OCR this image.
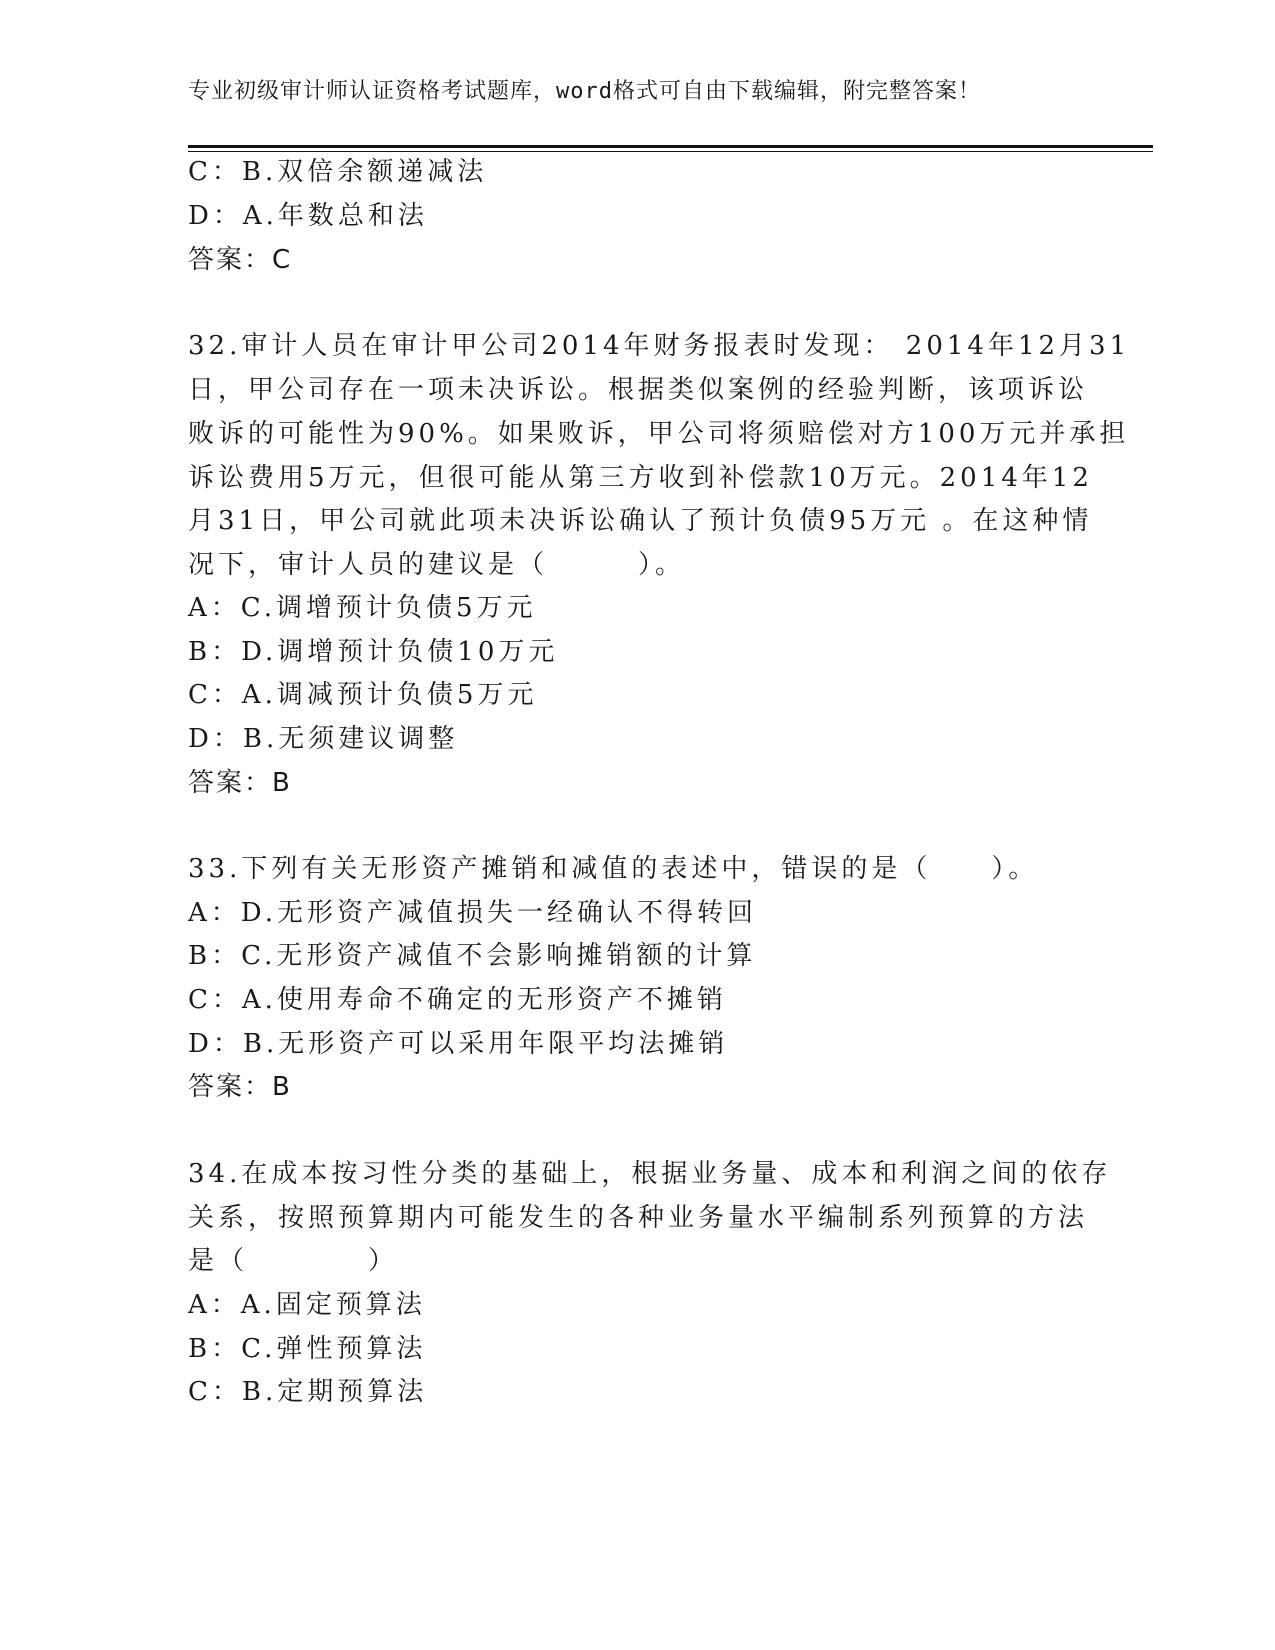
专业初级审计师认证资格考试题库，word格式可自由下载编辑，附完整答案！
C：B.双倍余额递减法
D：A.年数总和法
答案：C
32.审计人员在审计甲公司2014年财务报表时发现： 2014年12月31
日，甲公司存在一项未决诉讼。根据类似案例的经验判断，该项诉讼
败诉的可能性为90%。如果败诉，甲公司将须赔偿对方100万元并承担
诉讼费用5万元，但很可能从第三方收到补偿款10万元。2014年12
月31日，甲公司就此项未决诉讼确认了预计负债95万元 。在这种情
况下，审计人员的建议是（　　　）。
A：C.调增预计负债5万元
B：D.调增预计负债10万元
C：A.调减预计负债5万元
D：B.无须建议调整
答案：B
33.下列有关无形资产摊销和减值的表述中，错误的是（　　）。
A：D.无形资产减值损失一经确认不得转回
B：C.无形资产减值不会影响摊销额的计算
C：A.使用寿命不确定的无形资产不摊销
D：B.无形资产可以采用年限平均法摊销
答案：B
34.在成本按习性分类的基础上，根据业务量、成本和利润之间的依存
关系，按照预算期内可能发生的各种业务量水平编制系列预算的方法
是（　　　　）
A：A.固定预算法
B：C.弹性预算法
C：B.定期预算法
